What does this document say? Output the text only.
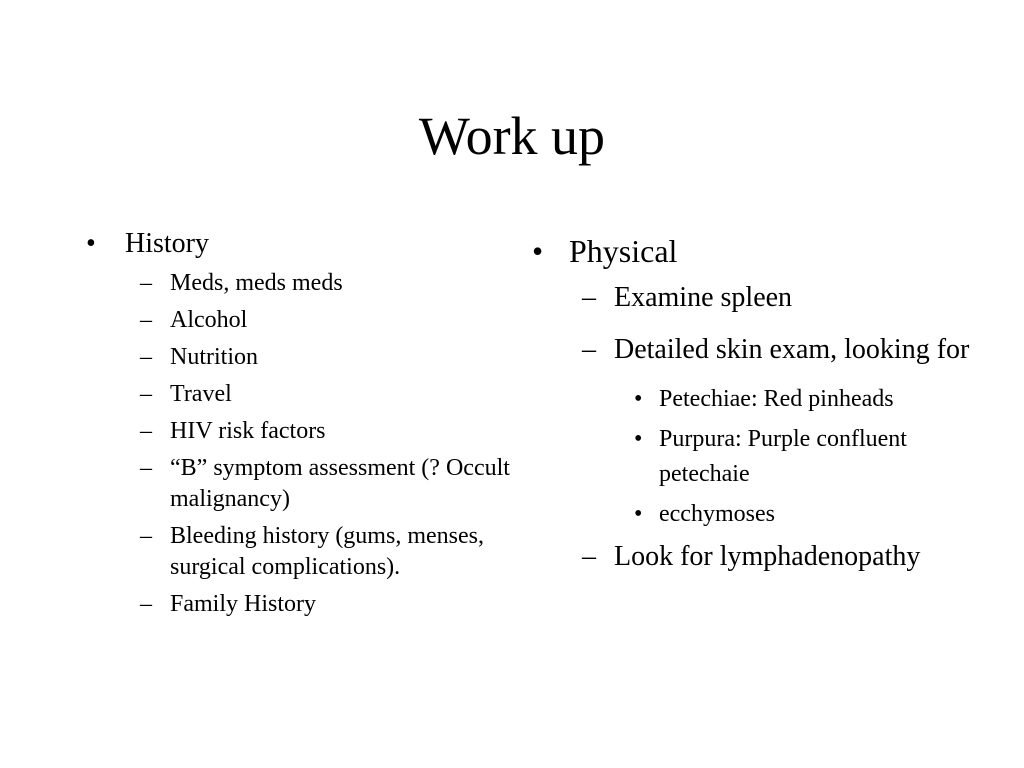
Work up
• History
– Meds, meds meds
– Alcohol
– Nutrition
– Travel
– HIV risk factors
– “B” symptom assessment (? Occult malignancy)
– Bleeding history (gums, menses, surgical complications).
– Family History
• Physical
– Examine spleen
– Detailed skin exam, looking for
• Petechiae: Red pinheads
• Purpura: Purple confluent petechaie
• ecchymoses
– Look for lymphadenopathy
